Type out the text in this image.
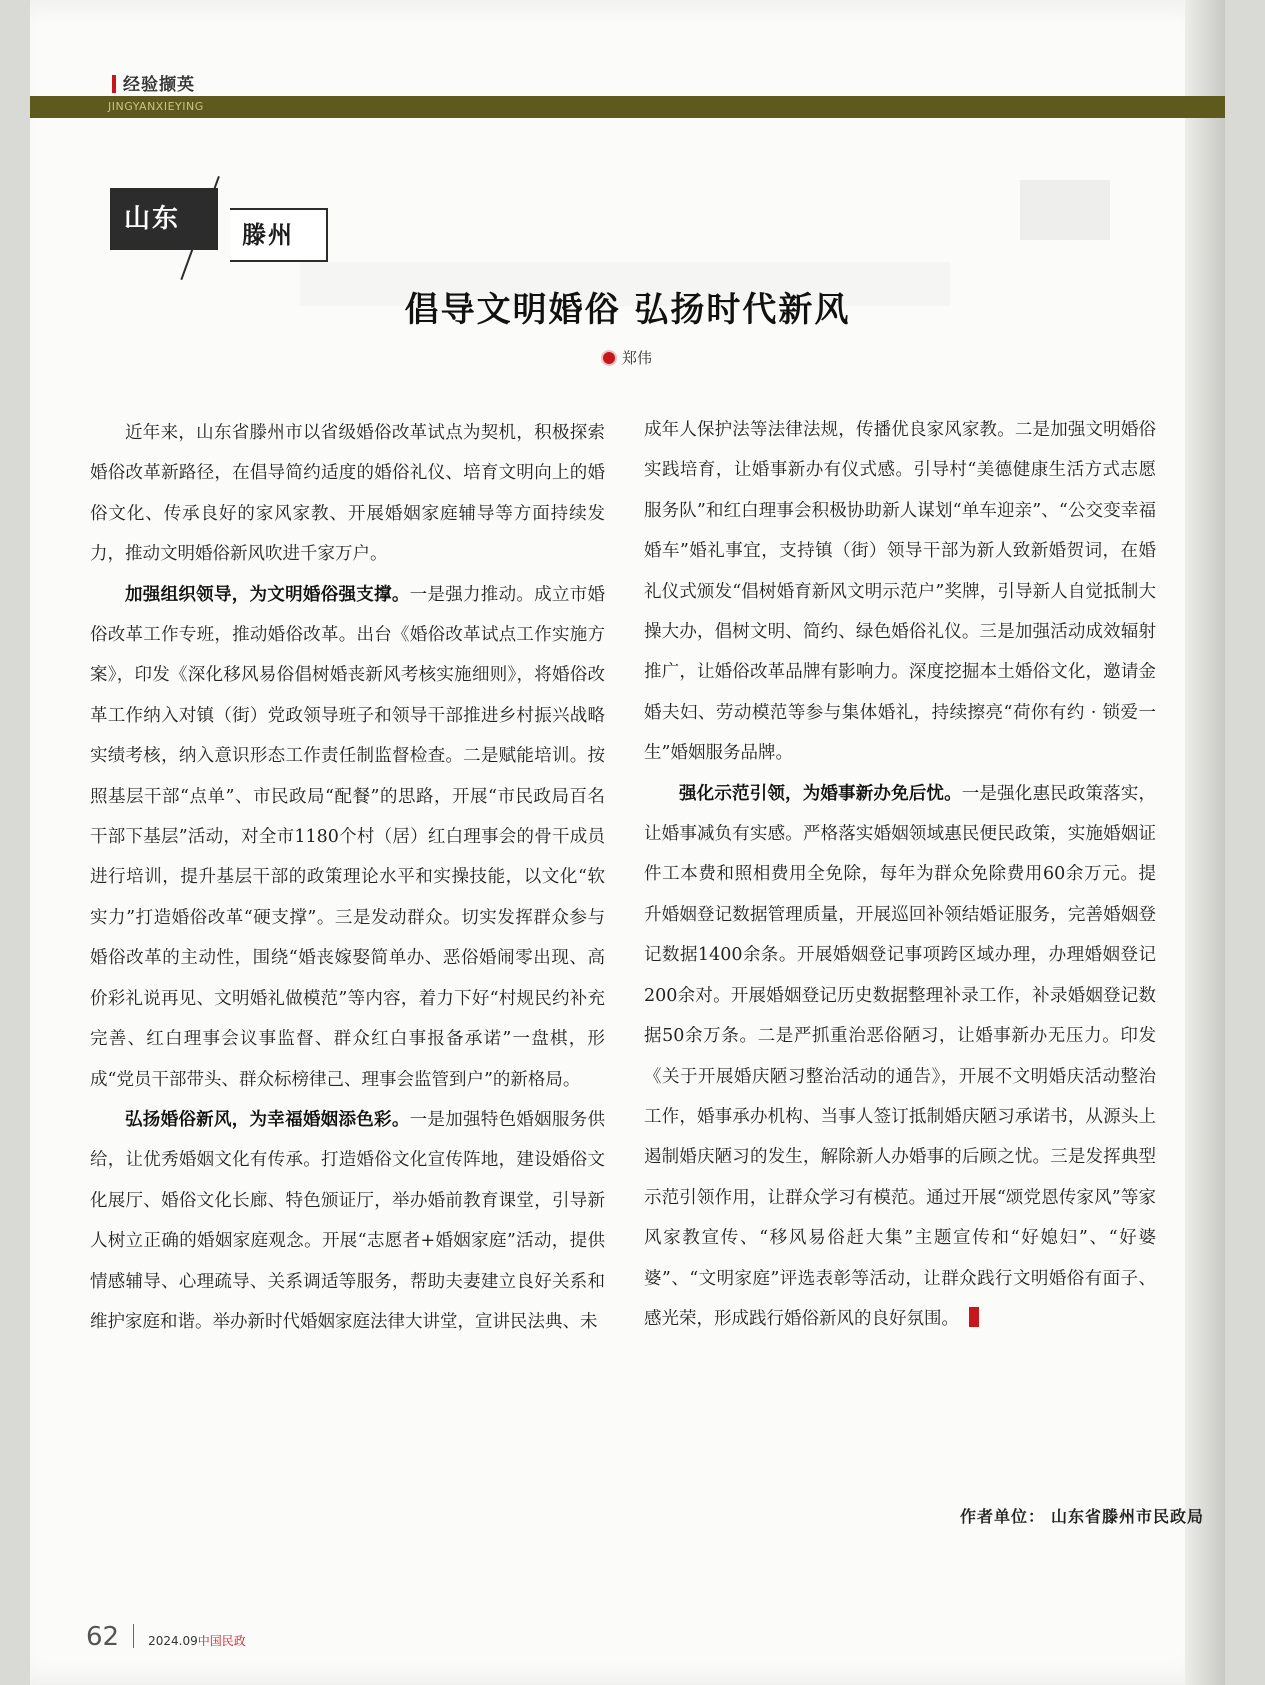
经验撷英
JINGYANXIEYING
山东
滕州
倡导文明婚俗 弘扬时代新风
郑伟

近年来，山东省滕州市以省级婚俗改革试点为契机，积极探索婚俗改革新路径，在倡导简约适度的婚俗礼仪、培育文明向上的婚俗文化、传承良好的家风家教、开展婚姻家庭辅导等方面持续发力，推动文明婚俗新风吹进千家万户。

加强组织领导，为文明婚俗强支撑。一是强力推动。成立市婚俗改革工作专班，推动婚俗改革。出台《婚俗改革试点工作实施方案》，印发《深化移风易俗倡树婚丧新风考核实施细则》，将婚俗改革工作纳入对镇（街）党政领导班子和领导干部推进乡村振兴战略实绩考核，纳入意识形态工作责任制监督检查。二是赋能培训。按照基层干部“点单”、市民政局“配餐”的思路，开展“市民政局百名干部下基层”活动，对全市1180个村（居）红白理事会的骨干成员进行培训，提升基层干部的政策理论水平和实操技能，以文化“软实力”打造婚俗改革“硬支撑”。三是发动群众。切实发挥群众参与婚俗改革的主动性，围绕“婚丧嫁娶简单办、恶俗婚闹零出现、高价彩礼说再见、文明婚礼做模范”等内容，着力下好“村规民约补充完善、红白理事会议事监督、群众红白事报备承诺”一盘棋，形成“党员干部带头、群众标榜律己、理事会监管到户”的新格局。

弘扬婚俗新风，为幸福婚姻添色彩。一是加强特色婚姻服务供给，让优秀婚姻文化有传承。打造婚俗文化宣传阵地，建设婚俗文化展厅、婚俗文化长廊、特色颁证厅，举办婚前教育课堂，引导新人树立正确的婚姻家庭观念。开展“志愿者+婚姻家庭”活动，提供情感辅导、心理疏导、关系调适等服务，帮助夫妻建立良好关系和维护家庭和谐。举办新时代婚姻家庭法律大讲堂，宣讲民法典、未

成年人保护法等法律法规，传播优良家风家教。二是加强文明婚俗实践培育，让婚事新办有仪式感。引导村“美德健康生活方式志愿服务队”和红白理事会积极协助新人谋划“单车迎亲”、“公交变幸福婚车”婚礼事宜，支持镇（街）领导干部为新人致新婚贺词，在婚礼仪式颁发“倡树婚育新风文明示范户”奖牌，引导新人自觉抵制大操大办，倡树文明、简约、绿色婚俗礼仪。三是加强活动成效辐射推广，让婚俗改革品牌有影响力。深度挖掘本土婚俗文化，邀请金婚夫妇、劳动模范等参与集体婚礼，持续擦亮“荷你有约 · 锁爱一生”婚姻服务品牌。

强化示范引领，为婚事新办免后忧。一是强化惠民政策落实，让婚事减负有实感。严格落实婚姻领域惠民便民政策，实施婚姻证件工本费和照相费用全免除，每年为群众免除费用60余万元。提升婚姻登记数据管理质量，开展巡回补领结婚证服务，完善婚姻登记数据1400余条。开展婚姻登记事项跨区域办理，办理婚姻登记200余对。开展婚姻登记历史数据整理补录工作，补录婚姻登记数据50余万条。二是严抓重治恶俗陋习，让婚事新办无压力。印发《关于开展婚庆陋习整治活动的通告》，开展不文明婚庆活动整治工作，婚事承办机构、当事人签订抵制婚庆陋习承诺书，从源头上遏制婚庆陋习的发生，解除新人办婚事的后顾之忧。三是发挥典型示范引领作用，让群众学习有模范。通过开展“颂党恩传家风”等家风家教宣传、“移风易俗赶大集”主题宣传和“好媳妇”、“好婆婆”、“文明家庭”评选表彰等活动，让群众践行文明婚俗有面子、感光荣，形成践行婚俗新风的良好氛围。

作者单位： 山东省滕州市民政局
62 2024.09中国民政
